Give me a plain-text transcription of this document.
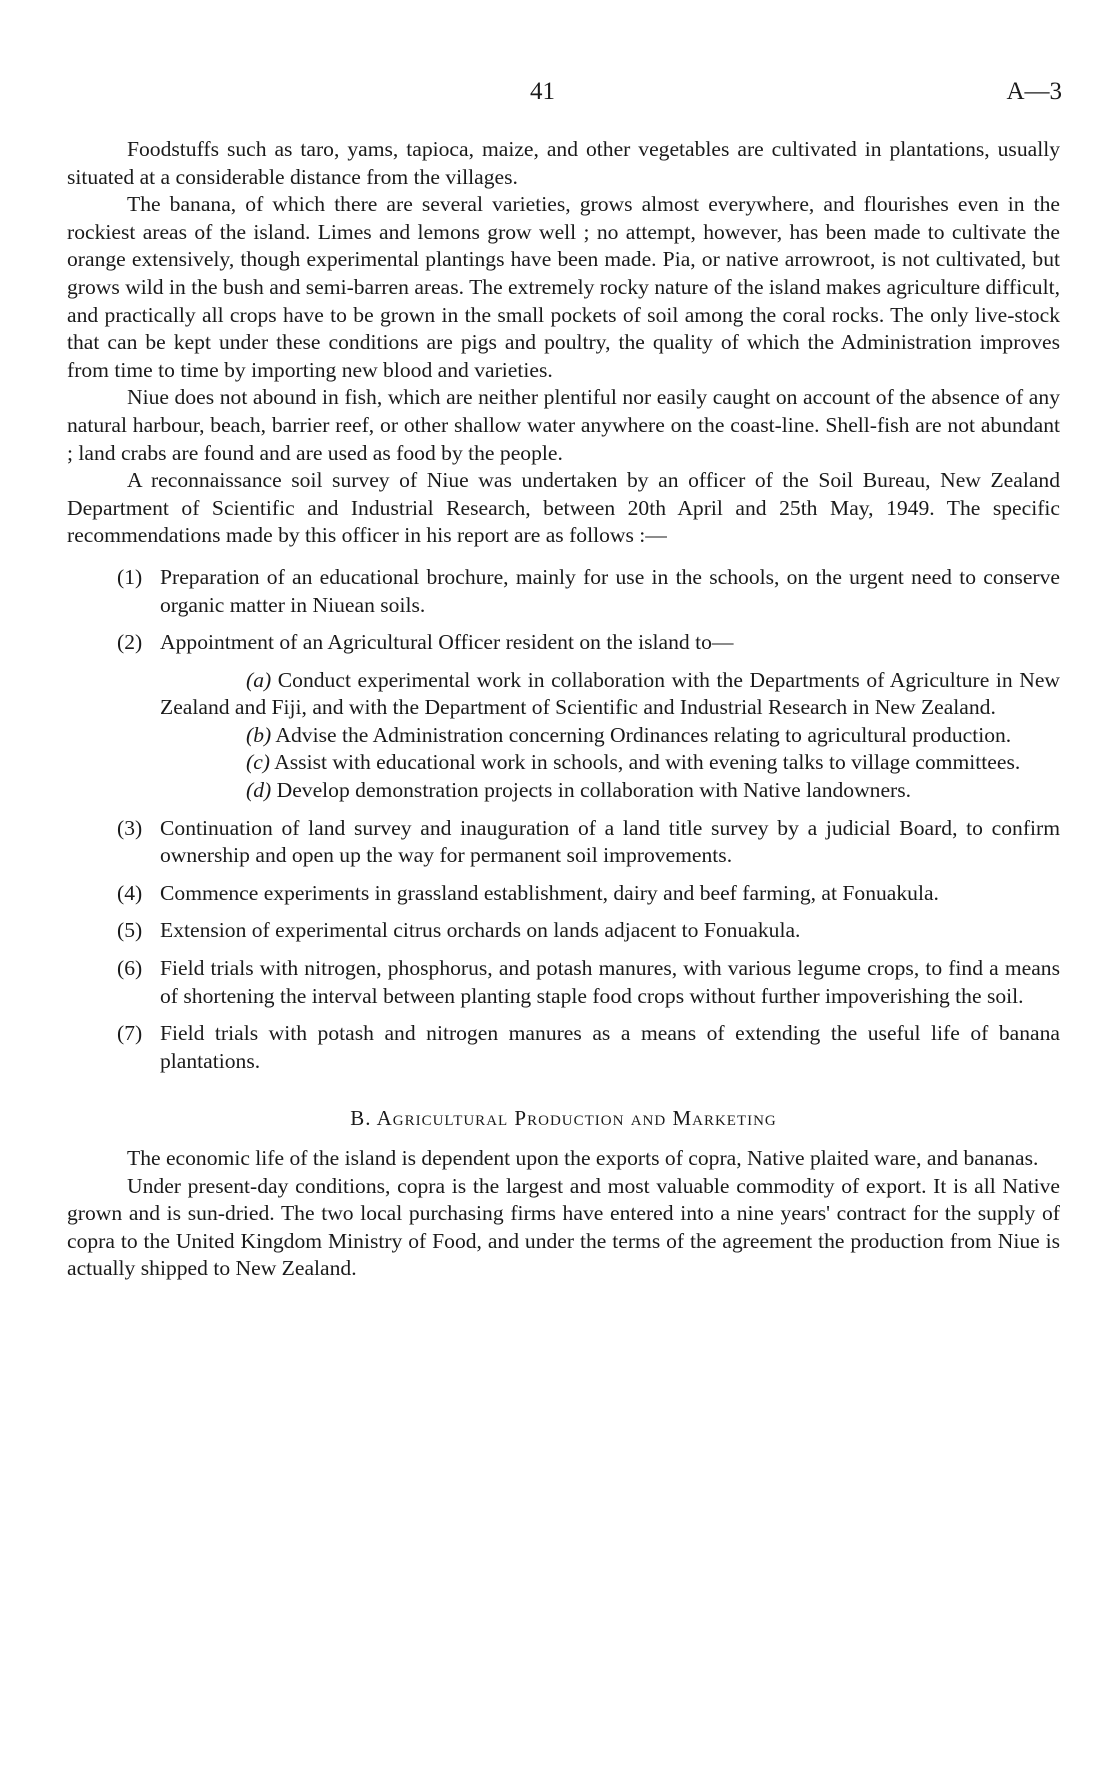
41	A—3

Foodstuffs such as taro, yams, tapioca, maize, and other vegetables are cultivated in plantations, usually situated at a considerable distance from the villages.

The banana, of which there are several varieties, grows almost everywhere, and flourishes even in the rockiest areas of the island. Limes and lemons grow well ; no attempt, however, has been made to cultivate the orange extensively, though experimental plantings have been made. Pia, or native arrowroot, is not cultivated, but grows wild in the bush and semi-barren areas. The extremely rocky nature of the island makes agriculture difficult, and practically all crops have to be grown in the small pockets of soil among the coral rocks. The only live-stock that can be kept under these conditions are pigs and poultry, the quality of which the Administration improves from time to time by importing new blood and varieties.

Niue does not abound in fish, which are neither plentiful nor easily caught on account of the absence of any natural harbour, beach, barrier reef, or other shallow water anywhere on the coast-line. Shell-fish are not abundant ; land crabs are found and are used as food by the people.

A reconnaissance soil survey of Niue was undertaken by an officer of the Soil Bureau, New Zealand Department of Scientific and Industrial Research, between 20th April and 25th May, 1949. The specific recommendations made by this officer in his report are as follows :—

(1) Preparation of an educational brochure, mainly for use in the schools, on the urgent need to conserve organic matter in Niuean soils.
(2) Appointment of an Agricultural Officer resident on the island to—
(a) Conduct experimental work in collaboration with the Departments of Agriculture in New Zealand and Fiji, and with the Department of Scientific and Industrial Research in New Zealand.
(b) Advise the Administration concerning Ordinances relating to agricultural production.
(c) Assist with educational work in schools, and with evening talks to village committees.
(d) Develop demonstration projects in collaboration with Native landowners.
(3) Continuation of land survey and inauguration of a land title survey by a judicial Board, to confirm ownership and open up the way for permanent soil improvements.
(4) Commence experiments in grassland establishment, dairy and beef farming, at Fonuakula.
(5) Extension of experimental citrus orchards on lands adjacent to Fonuakula.
(6) Field trials with nitrogen, phosphorus, and potash manures, with various legume crops, to find a means of shortening the interval between planting staple food crops without further impoverishing the soil.
(7) Field trials with potash and nitrogen manures as a means of extending the useful life of banana plantations.
B. Agricultural Production and Marketing

The economic life of the island is dependent upon the exports of copra, Native plaited ware, and bananas.

Under present-day conditions, copra is the largest and most valuable commodity of export. It is all Native grown and is sun-dried. The two local purchasing firms have entered into a nine years' contract for the supply of copra to the United Kingdom Ministry of Food, and under the terms of the agreement the production from Niue is actually shipped to New Zealand.
